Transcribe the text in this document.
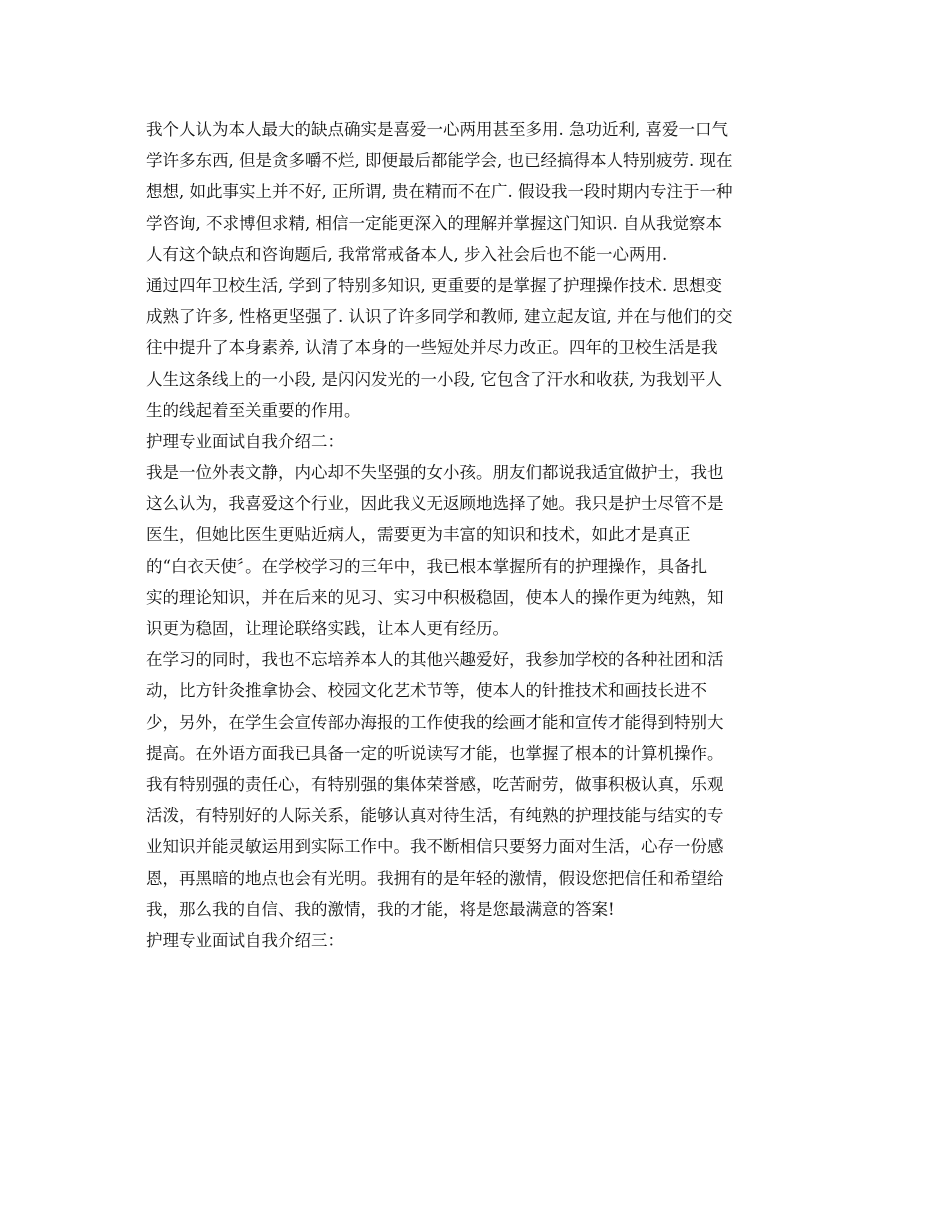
我个人认为本人最大的缺点确实是喜爱一心两用甚至多用. 急功近利, 喜爱一口气
学许多东西, 但是贪多嚼不烂, 即便最后都能学会, 也已经搞得本人特别疲劳. 现在
想想, 如此事实上并不好, 正所谓, 贵在精而不在广. 假设我一段时期内专注于一种
学咨询, 不求博但求精, 相信一定能更深入的理解并掌握这门知识. 自从我觉察本
人有这个缺点和咨询题后, 我常常戒备本人, 步入社会后也不能一心两用.
通过四年卫校生活, 学到了特别多知识, 更重要的是掌握了护理操作技术. 思想变
成熟了许多, 性格更坚强了. 认识了许多同学和教师, 建立起友谊, 并在与他们的交
往中提升了本身素养, 认清了本身的一些短处并尽力改正。四年的卫校生活是我
人生这条线上的一小段, 是闪闪发光的一小段, 它包含了汗水和收获, 为我划平人
生的线起着至关重要的作用。
护理专业面试自我介绍二：
我是一位外表文静，内心却不失坚强的女小孩。朋友们都说我适宜做护士，我也
这么认为，我喜爱这个行业，因此我义无返顾地选择了她。我只是护士尽管不是
医生，但她比医生更贴近病人，需要更为丰富的知识和技术，如此才是真正
的“白衣天使〞。在学校学习的三年中，我已根本掌握所有的护理操作，具备扎
实的理论知识，并在后来的见习、实习中积极稳固，使本人的操作更为纯熟，知
识更为稳固，让理论联络实践，让本人更有经历。
在学习的同时，我也不忘培养本人的其他兴趣爱好，我参加学校的各种社团和活
动，比方针灸推拿协会、校园文化艺术节等，使本人的针推技术和画技长进不
少，另外，在学生会宣传部办海报的工作使我的绘画才能和宣传才能得到特别大
提高。在外语方面我已具备一定的听说读写才能，也掌握了根本的计算机操作。
我有特别强的责任心，有特别强的集体荣誉感，吃苦耐劳，做事积极认真，乐观
活泼，有特别好的人际关系，能够认真对待生活，有纯熟的护理技能与结实的专
业知识并能灵敏运用到实际工作中。我不断相信只要努力面对生活，心存一份感
恩，再黑暗的地点也会有光明。我拥有的是年轻的激情，假设您把信任和希望给
我，那么我的自信、我的激情，我的才能，将是您最满意的答案!
护理专业面试自我介绍三：
